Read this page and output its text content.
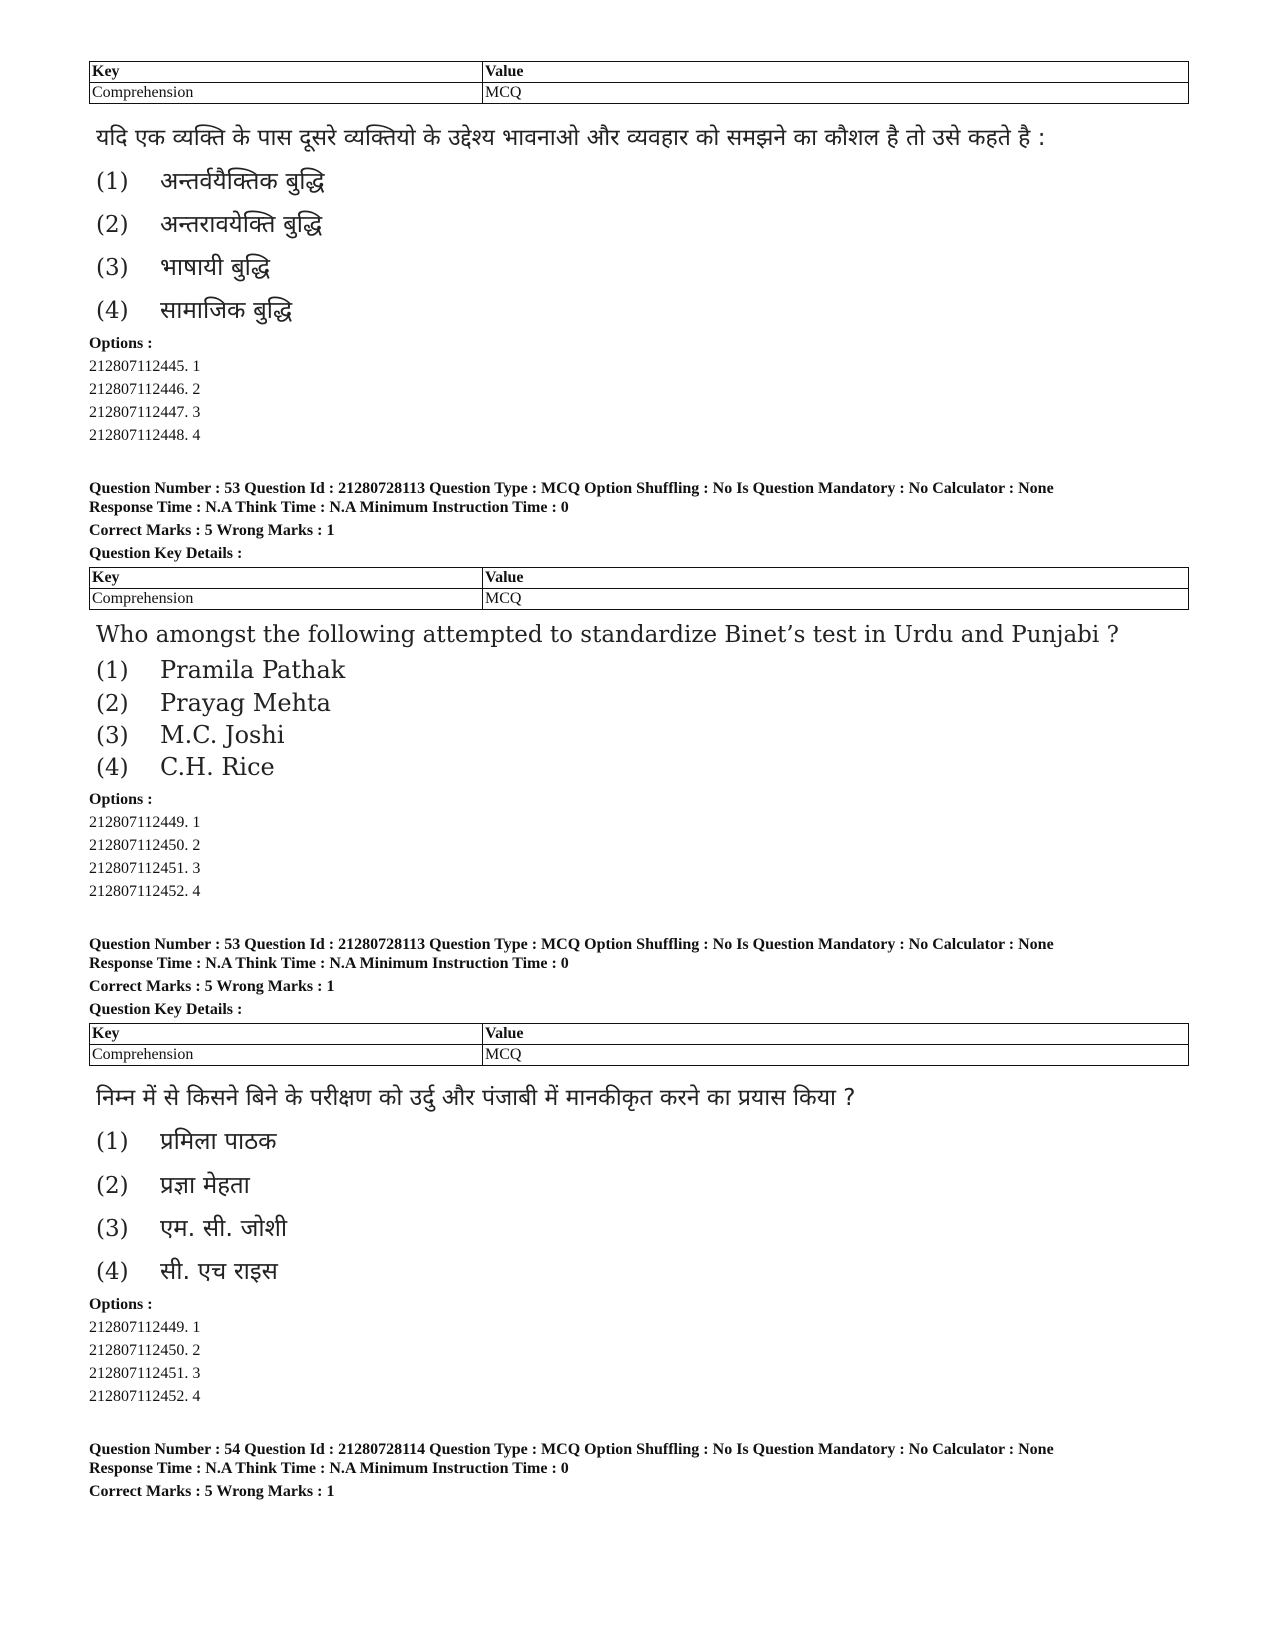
Key	Value
Comprehension	MCQ
यदि एक व्यक्ति के पास दूसरे व्यक्तियो के उद्देश्य भावनाओ और व्यवहार को समझने का कौशल है तो उसे कहते है :
(1) अन्तर्वयैक्तिक बुद्धि
(2) अन्तरावयेक्ति बुद्धि
(3) भाषायी बुद्धि
(4) सामाजिक बुद्धि
Options :
212807112445. 1
212807112446. 2
212807112447. 3
212807112448. 4
Question Number : 53 Question Id : 21280728113 Question Type : MCQ Option Shuffling : No Is Question Mandatory : No Calculator : None
Response Time : N.A Think Time : N.A Minimum Instruction Time : 0
Correct Marks : 5 Wrong Marks : 1
Question Key Details :
Key	Value
Comprehension	MCQ
Who amongst the following attempted to standardize Binet’s test in Urdu and Punjabi ?
(1) Pramila Pathak
(2) Prayag Mehta
(3) M.C. Joshi
(4) C.H. Rice
Options :
212807112449. 1
212807112450. 2
212807112451. 3
212807112452. 4
Question Number : 53 Question Id : 21280728113 Question Type : MCQ Option Shuffling : No Is Question Mandatory : No Calculator : None
Response Time : N.A Think Time : N.A Minimum Instruction Time : 0
Correct Marks : 5 Wrong Marks : 1
Question Key Details :
Key	Value
Comprehension	MCQ
निम्न में से किसने बिने के परीक्षण को उर्दु और पंजाबी में मानकीकृत करने का प्रयास किया ?
(1) प्रमिला पाठक
(2) प्रज्ञा मेहता
(3) एम. सी. जोशी
(4) सी. एच राइस
Options :
212807112449. 1
212807112450. 2
212807112451. 3
212807112452. 4
Question Number : 54 Question Id : 21280728114 Question Type : MCQ Option Shuffling : No Is Question Mandatory : No Calculator : None
Response Time : N.A Think Time : N.A Minimum Instruction Time : 0
Correct Marks : 5 Wrong Marks : 1
